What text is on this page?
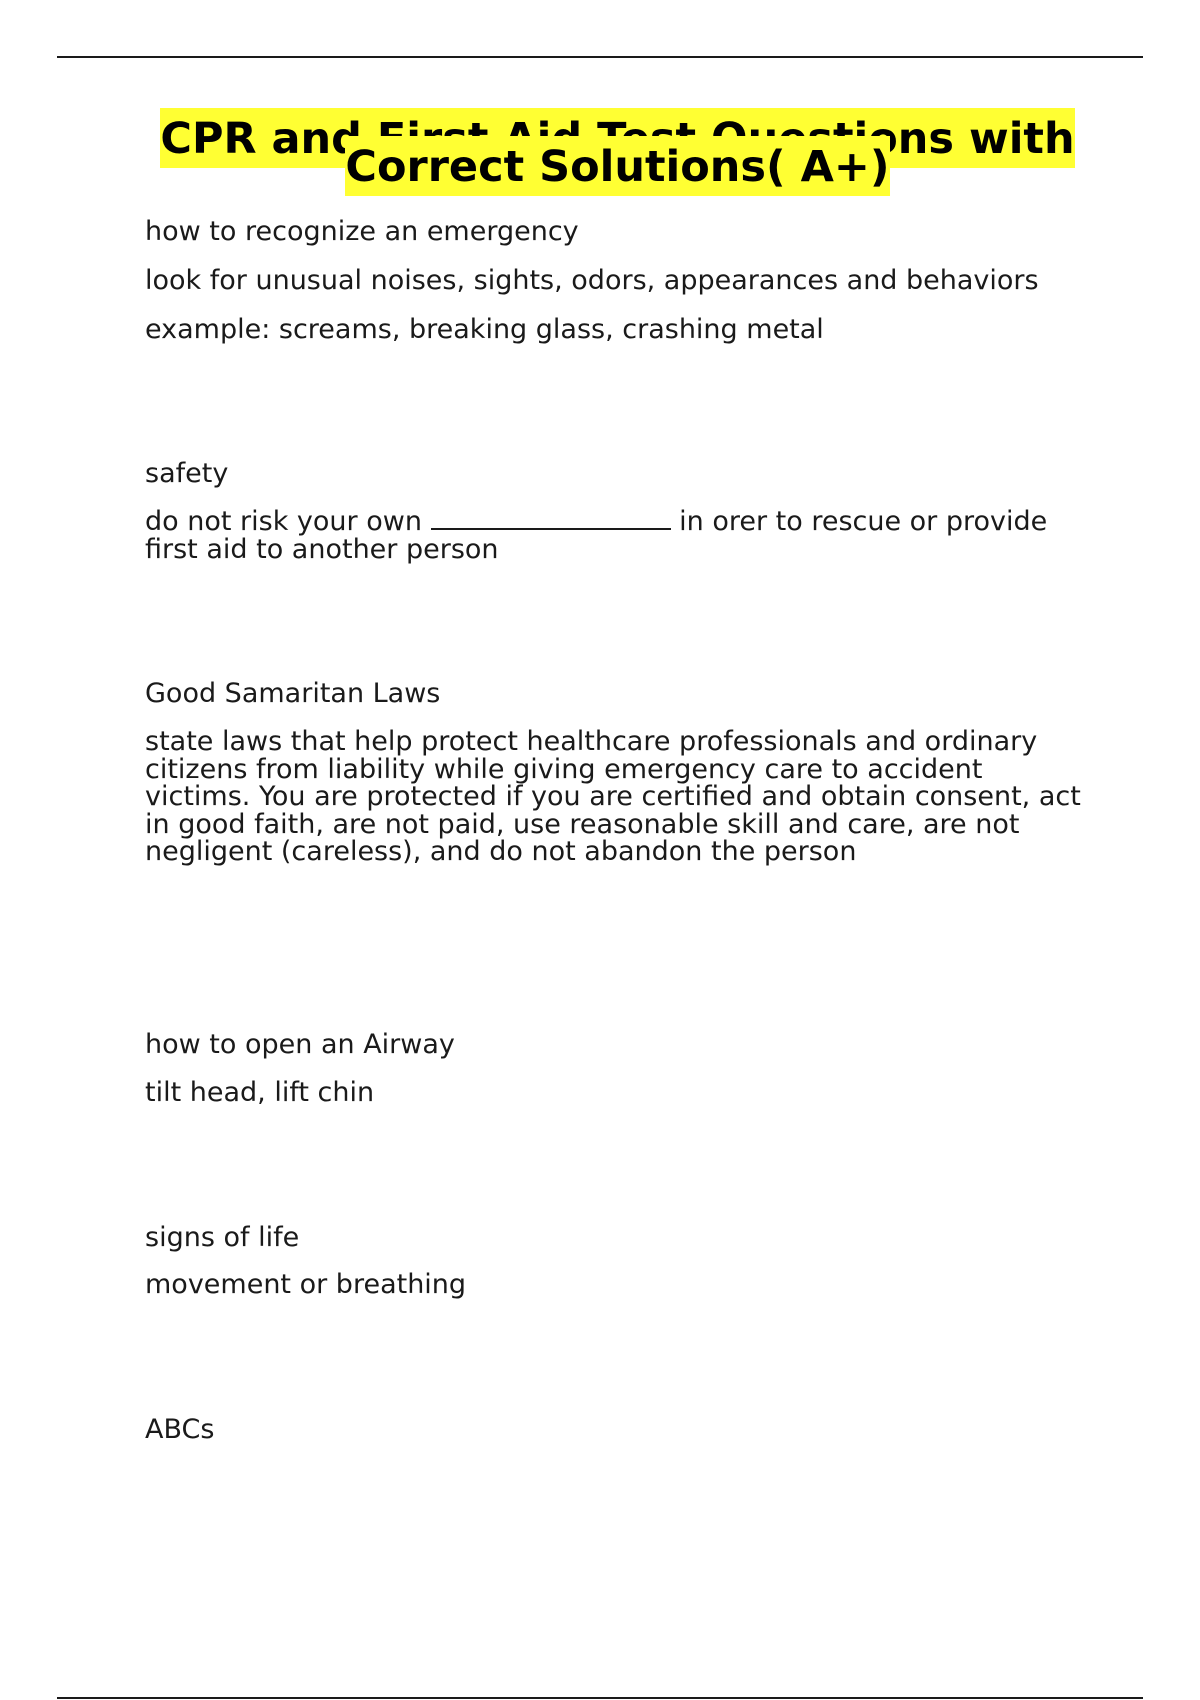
CPR and First Aid Test Questions with Correct Solutions( A+)

how to recognize an emergency

look for unusual noises, sights, odors, appearances and behaviors

example: screams, breaking glass, crashing metal

safety

do not risk your own	in orer to rescue or provide first aid to another person

Good Samaritan Laws

state laws that help protect healthcare professionals and ordinary citizens from liability while giving emergency care to accident victims. You are protected if you are certified and obtain consent, act in good faith, are not paid, use reasonable skill and care, are not negligent (careless), and do not abandon the person

how to open an Airway

tilt head, lift chin

signs of life

movement or breathing

ABCs
